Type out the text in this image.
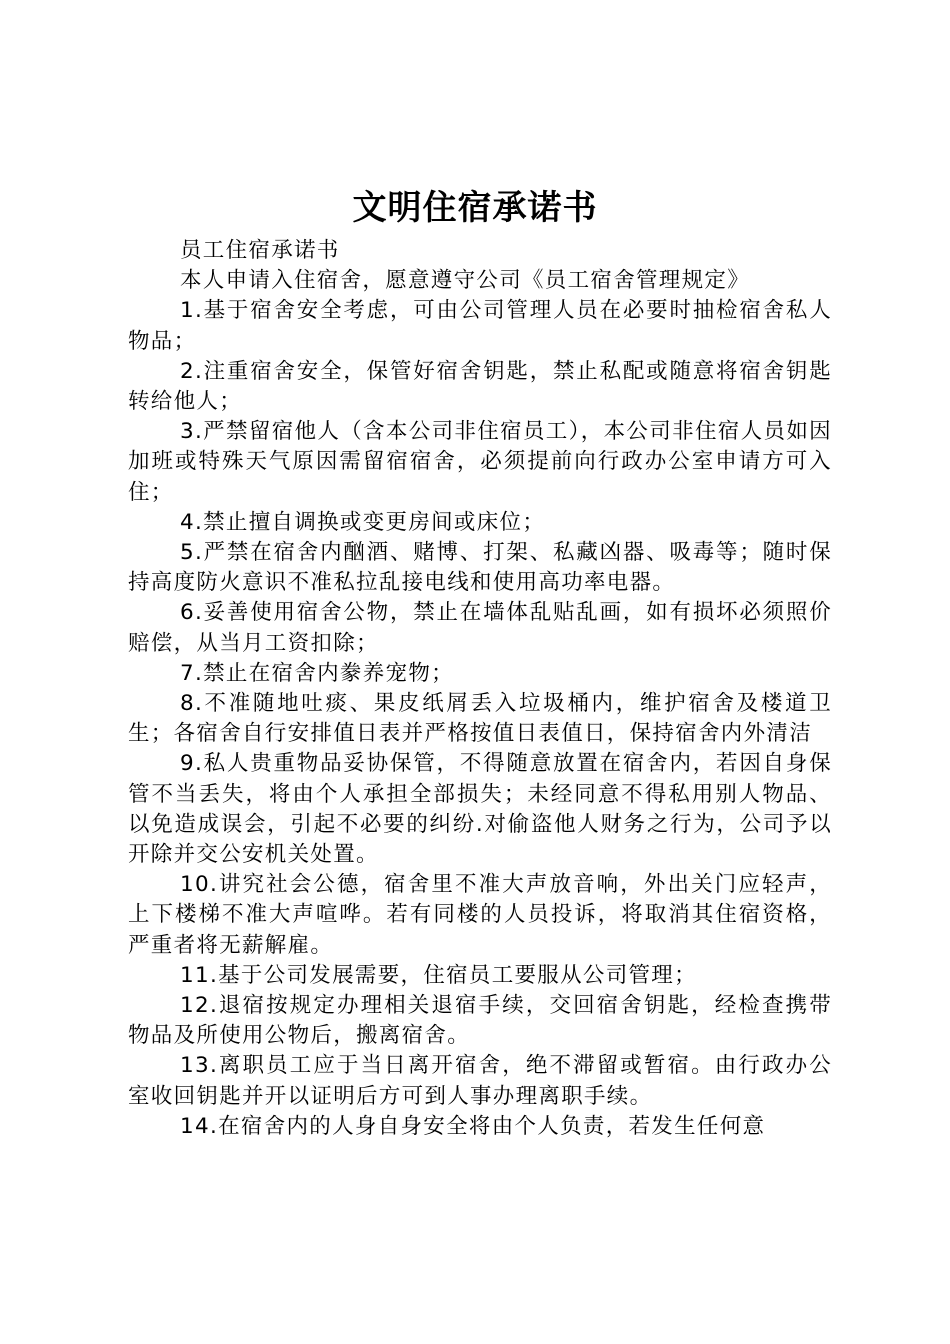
文明住宿承诺书

员工住宿承诺书

本人申请入住宿舍，愿意遵守公司《员工宿舍管理规定》

1.基于宿舍安全考虑，可由公司管理人员在必要时抽检宿舍私人物品；

2.注重宿舍安全，保管好宿舍钥匙，禁止私配或随意将宿舍钥匙转给他人；

3.严禁留宿他人（含本公司非住宿员工），本公司非住宿人员如因加班或特殊天气原因需留宿宿舍，必须提前向行政办公室申请方可入住；

4.禁止擅自调换或变更房间或床位；

5.严禁在宿舍内酗酒、赌博、打架、私藏凶器、吸毒等；随时保持高度防火意识不准私拉乱接电线和使用高功率电器。

6.妥善使用宿舍公物，禁止在墙体乱贴乱画，如有损坏必须照价赔偿，从当月工资扣除；

7.禁止在宿舍内豢养宠物；

8.不准随地吐痰、果皮纸屑丢入垃圾桶内，维护宿舍及楼道卫生；各宿舍自行安排值日表并严格按值日表值日，保持宿舍内外清洁

9.私人贵重物品妥协保管，不得随意放置在宿舍内，若因自身保管不当丢失，将由个人承担全部损失；未经同意不得私用别人物品、以免造成误会，引起不必要的纠纷.对偷盗他人财务之行为，公司予以开除并交公安机关处置。

10.讲究社会公德，宿舍里不准大声放音响，外出关门应轻声，上下楼梯不准大声喧哗。若有同楼的人员投诉，将取消其住宿资格，严重者将无薪解雇。

11.基于公司发展需要，住宿员工要服从公司管理；

12.退宿按规定办理相关退宿手续，交回宿舍钥匙，经检查携带物品及所使用公物后，搬离宿舍。

13.离职员工应于当日离开宿舍，绝不滞留或暂宿。由行政办公室收回钥匙并开以证明后方可到人事办理离职手续。

14.在宿舍内的人身自身安全将由个人负责，若发生任何意
